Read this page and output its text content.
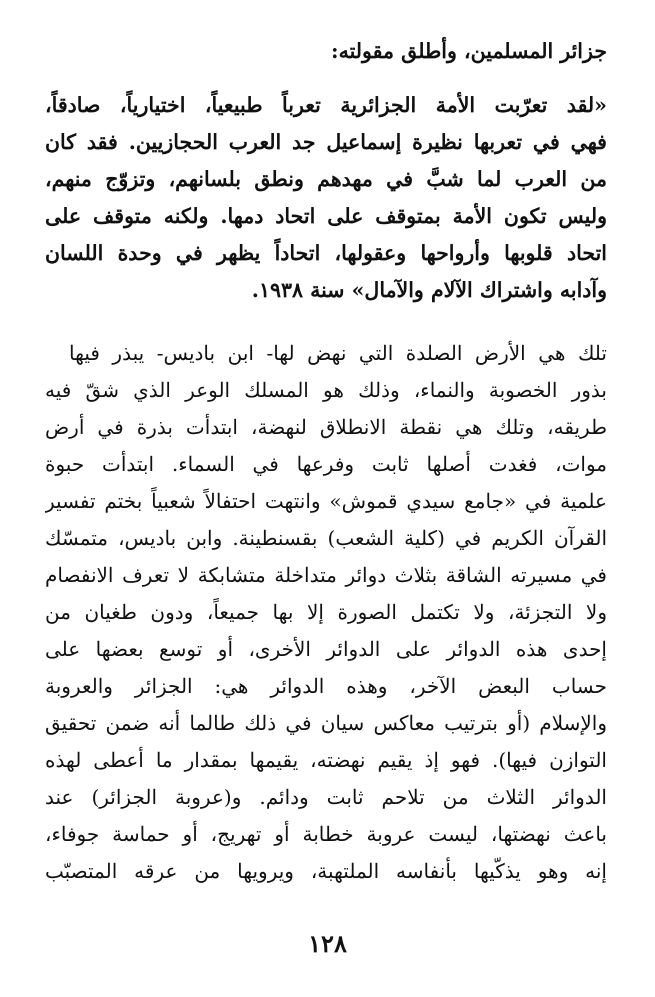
جزائر المسلمين، وأطلق مقولته:
«لقد تعرّبت الأمة الجزائرية تعرباً طبيعياً، اختيارياً، صادقاً،
فهي في تعربها نظيرة إسماعيل جد العرب الحجازيين. فقد كان
من العرب لما شبَّ في مهدهم ونطق بلسانهم، وتزوّج منهم،
وليس تكون الأمة بمتوقف على اتحاد دمها. ولكنه متوقف على
اتحاد قلوبها وأرواحها وعقولها، اتحاداً يظهر في وحدة اللسان
وآدابه واشتراك الآلام والآمال» سنة ١٩٣٨.
تلك هي الأرض الصلدة التي نهض لها- ابن باديس- يبذر فيها
بذور الخصوبة والنماء، وذلك هو المسلك الوعر الذي شقّ فيه
طريقه، وتلك هي نقطة الانطلاق لنهضة، ابتدأت بذرة في أرض
موات، فغدت أصلها ثابت وفرعها في السماء. ابتدأت حبوة
علمية في «جامع سيدي قموش» وانتهت احتفالاً شعبياً بختم تفسير
القرآن الكريم في (كلية الشعب) بقسنطينة. وابن باديس، متمسّك
في مسيرته الشاقة بثلاث دوائر متداخلة متشابكة لا تعرف الانفصام
ولا التجزئة، ولا تكتمل الصورة إلا بها جميعاً، ودون طغيان من
إحدى هذه الدوائر على الدوائر الأخرى، أو توسع بعضها على
حساب البعض الآخر، وهذه الدوائر هي: الجزائر والعروبة
والإسلام (أو بترتيب معاكس سيان في ذلك طالما أنه ضمن تحقيق
التوازن فيها). فهو إذ يقيم نهضته، يقيمها بمقدار ما أعطى لهذه
الدوائر الثلاث من تلاحم ثابت ودائم. و(عروبة الجزائر) عند
باعث نهضتها، ليست عروبة خطابة أو تهريج، أو حماسة جوفاء،
إنه وهو يذكّيها بأنفاسه الملتهبة، ويرويها من عرقه المتصبّب
١٢٨
